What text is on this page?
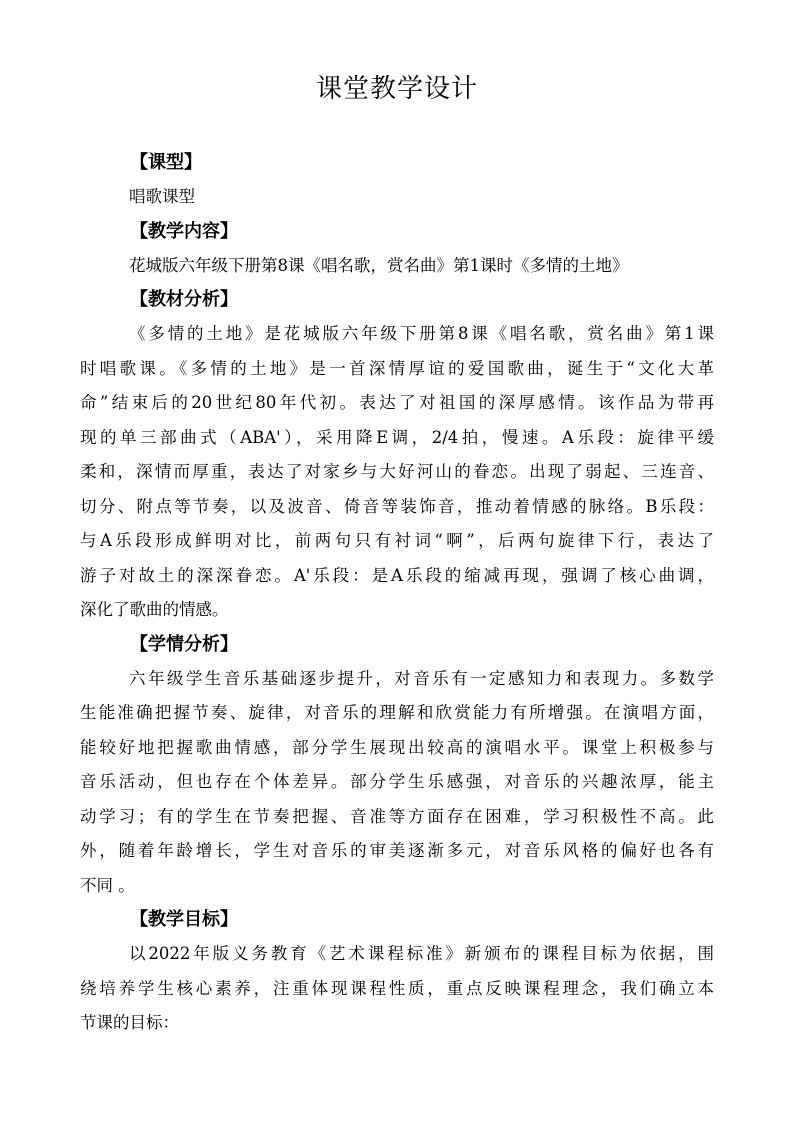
课堂教学设计
【课型】
唱歌课型
【教学内容】
花城版六年级下册第8课《唱名歌，赏名曲》第1课时《多情的土地》
【教材分析】
《多情的土地》是花城版六年级下册第8课《唱名歌，赏名曲》第1课
时唱歌课。《多情的土地》是一首深情厚谊的爱国歌曲，诞生于“文化大革
命”结束后的20世纪80年代初。表达了对祖国的深厚感情。该作品为带再
现的单三部曲式（ABA'），采用降E调，2/4拍，慢速。A乐段：旋律平缓
柔和，深情而厚重，表达了对家乡与大好河山的眷恋。出现了弱起、三连音、
切分、附点等节奏，以及波音、倚音等装饰音，推动着情感的脉络。B乐段：
与A乐段形成鲜明对比，前两句只有衬词“啊”，后两句旋律下行，表达了
游子对故土的深深眷恋。A'乐段：是A乐段的缩减再现，强调了核心曲调，
深化了歌曲的情感。
【学情分析】
六年级学生音乐基础逐步提升，对音乐有一定感知力和表现力。多数学
生能准确把握节奏、旋律，对音乐的理解和欣赏能力有所增强。在演唱方面，
能较好地把握歌曲情感，部分学生展现出较高的演唱水平。课堂上积极参与
音乐活动，但也存在个体差异。部分学生乐感强，对音乐的兴趣浓厚，能主
动学习；有的学生在节奏把握、音准等方面存在困难，学习积极性不高。此
外，随着年龄增长，学生对音乐的审美逐渐多元，对音乐风格的偏好也各有
不同 。
【教学目标】
以2022年版义务教育《艺术课程标准》新颁布的课程目标为依据，围
绕培养学生核心素养，注重体现课程性质，重点反映课程理念，我们确立本
节课的目标：
